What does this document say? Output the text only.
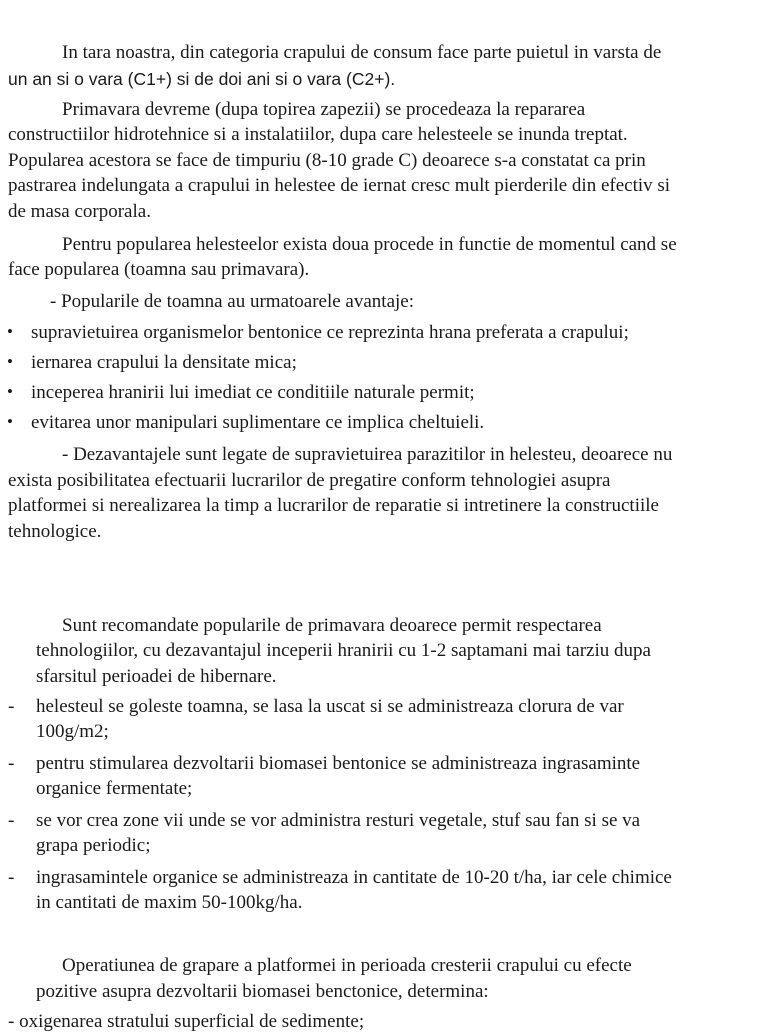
In tara noastra, din categoria crapului de consum face parte puietul in varsta de
un an si o vara (C1+) si de doi ani si o vara (C2+).
Primavara devreme (dupa topirea zapezii) se procedeaza la repararea
constructiilor hidrotehnice si a instalatiilor, dupa care helesteele se inunda treptat.
Popularea acestora se face de timpuriu (8-10 grade C) deoarece s-a constatat ca prin
pastrarea indelungata a crapului in helestee de iernat cresc mult pierderile din efectiv si
de masa corporala.
Pentru popularea helesteelor exista doua procede in functie de momentul cand se
face popularea (toamna sau primavara).
- Popularile de toamna au urmatoarele avantaje:
• supravietuirea organismelor bentonice ce reprezinta hrana preferata a crapului;
• iernarea crapului la densitate mica;
• inceperea hranirii lui imediat ce conditiile naturale permit;
• evitarea unor manipulari suplimentare ce implica cheltuieli.
- Dezavantajele sunt legate de supravietuirea parazitilor in helesteu, deoarece nu
exista posibilitatea efectuarii lucrarilor de pregatire conform tehnologiei asupra
platformei si nerealizarea la timp a lucrarilor de reparatie si intretinere la constructiile
tehnologice.
Sunt recomandate popularile de primavara deoarece permit respectarea
tehnologiilor, cu dezavantajul inceperii hranirii cu 1-2 saptamani mai tarziu dupa
sfarsitul perioadei de hibernare.
- helesteul se goleste toamna, se lasa la uscat si se administreaza clorura de var
100g/m2;
- pentru stimularea dezvoltarii biomasei bentonice se administreaza ingrasaminte
organice fermentate;
- se vor crea zone vii unde se vor administra resturi vegetale, stuf sau fan si se va
grapa periodic;
- ingrasamintele organice se administreaza in cantitate de 10-20 t/ha, iar cele chimice
in cantitati de maxim 50-100kg/ha.
Operatiunea de grapare a platformei in perioada cresterii crapului cu efecte
pozitive asupra dezvoltarii biomasei benctonice, determina:
- oxigenarea stratului superficial de sedimente;
